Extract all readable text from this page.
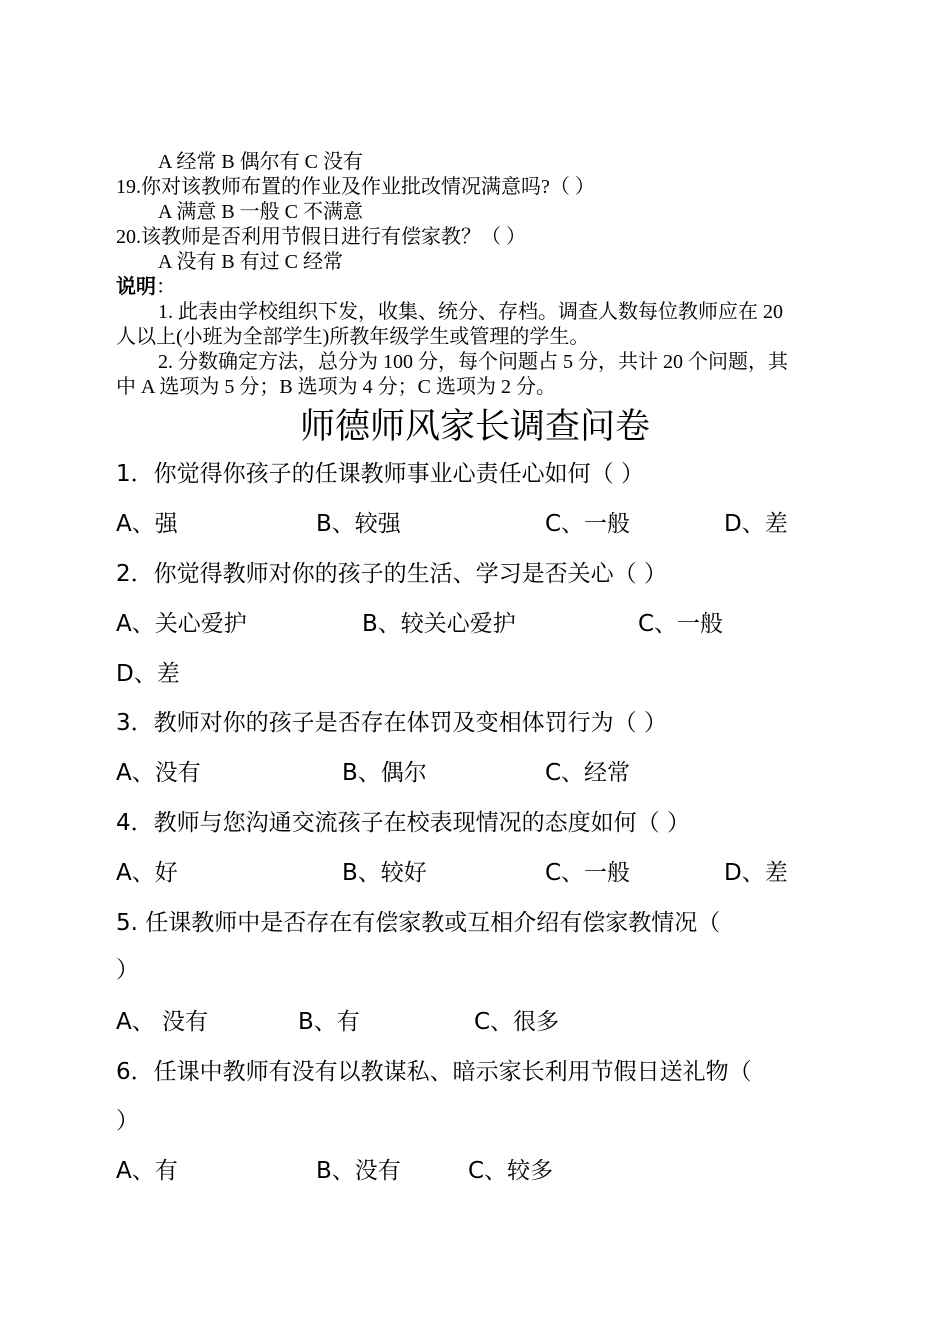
A 经常 B 偶尔有 C 没有
19.你对该教师布置的作业及作业批改情况满意吗?（ ）
A 满意 B 一般 C 不满意
20.该教师是否利用节假日进行有偿家教？（ ）
A 没有 B 有过 C 经常
说明：
1. 此表由学校组织下发，收集、统分、存档。调查人数每位教师应在 20
人以上(小班为全部学生)所教年级学生或管理的学生。
2. 分数确定方法，总分为 100 分，每个问题占 5 分，共计 20 个问题，其
中 A 选项为 5 分；B 选项为 4 分；C 选项为 2 分。
师德师风家长调查问卷
1．你觉得你孩子的任课教师事业心责任心如何（ ）
A、强	B、较强	C、一般	D、差
2．你觉得教师对你的孩子的生活、学习是否关心（ ）
A、关心爱护	B、较关心爱护	C、一般
D、差
3．教师对你的孩子是否存在体罚及变相体罚行为（ ）
A、没有	B、偶尔	C、经常
4．教师与您沟通交流孩子在校表现情况的态度如何（ ）
A、好	B、较好	C、一般	D、差
5. 任课教师中是否存在有偿家教或互相介绍有偿家教情况（
）
A、 没有	B、有	C、很多
6．任课中教师有没有以教谋私、暗示家长利用节假日送礼物（
）
A、有	B、没有	C、较多
